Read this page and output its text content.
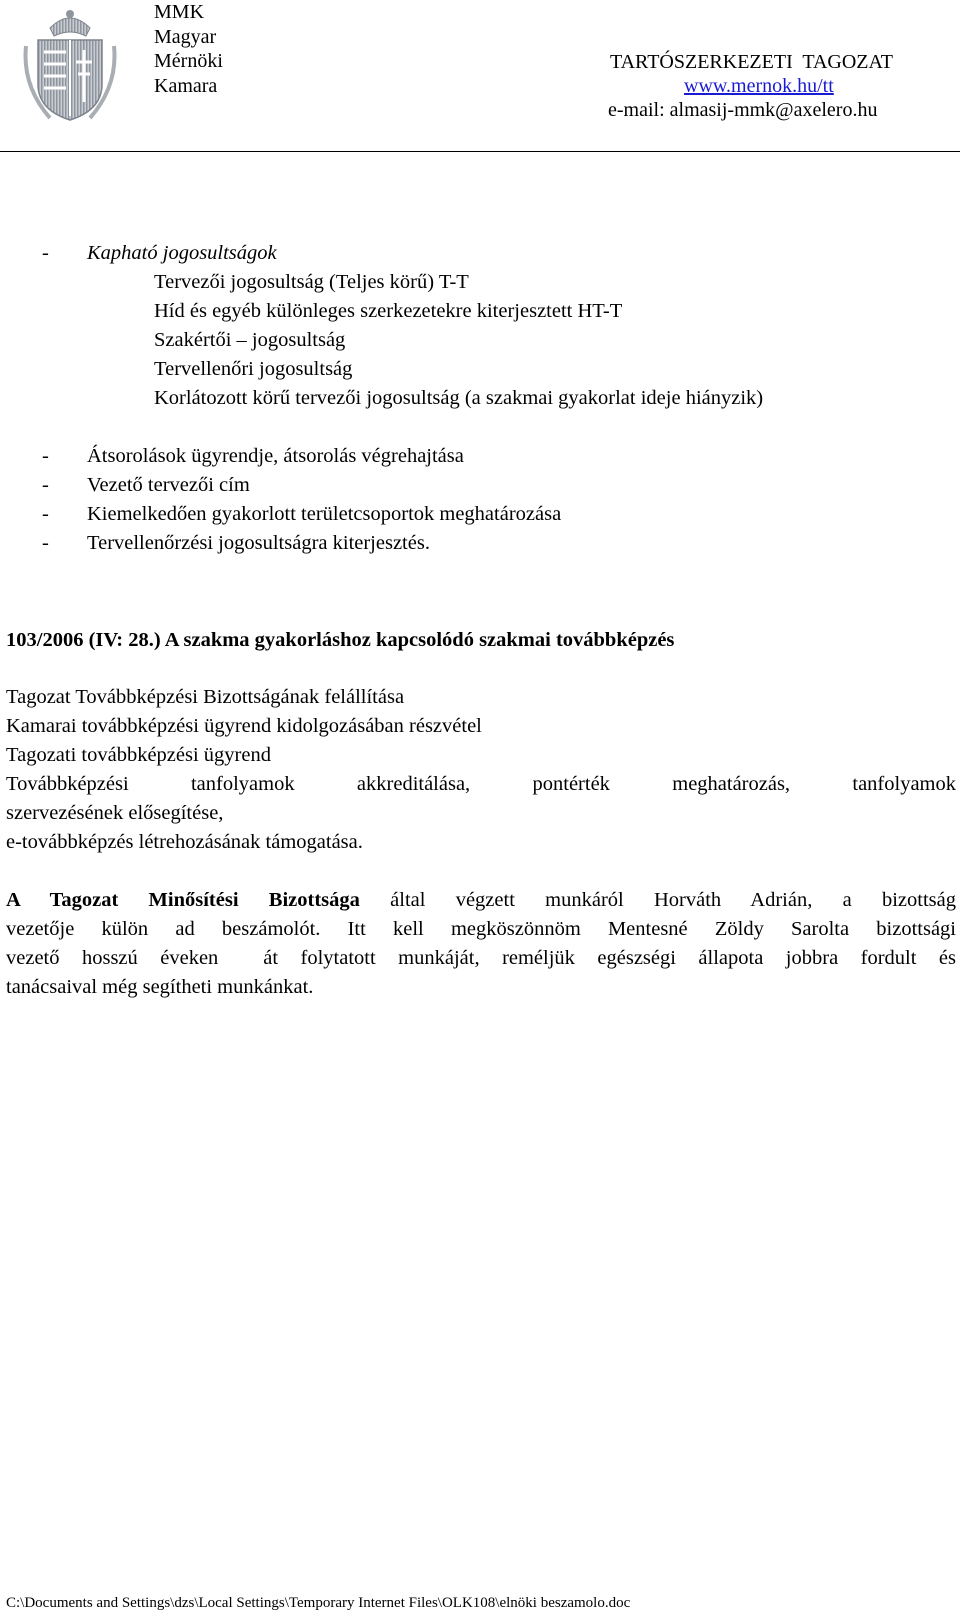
MMK
Magyar
Mérnöki
Kamara
TARTÓSZERKEZETI  TAGOZAT
www.mernok.hu/tt
e-mail: almasij-mmk@axelero.hu
- Kapható jogosultságok
Tervezői jogosultság (Teljes körű) T-T
Híd és egyéb különleges szerkezetekre kiterjesztett HT-T
Szakértői – jogosultság
Tervellenőri jogosultság
Korlátozott körű tervezői jogosultság (a szakmai gyakorlat ideje hiányzik)
- Átsorolások ügyrendje, átsorolás végrehajtása
- Vezető tervezői cím
- Kiemelkedően gyakorlott területcsoportok meghatározása
- Tervellenőrzési jogosultságra kiterjesztés.
103/2006 (IV: 28.) A szakma gyakorláshoz kapcsolódó szakmai továbbképzés
Tagozat Továbbképzési Bizottságának felállítása
Kamarai továbbképzési ügyrend kidolgozásában részvétel
Tagozati továbbképzési ügyrend
Továbbképzési tanfolyamok akkreditálása, pontérték meghatározás, tanfolyamok
szervezésének elősegítése,
e-továbbképzés létrehozásának támogatása.
A Tagozat Minősítési Bizottsága által végzett munkáról Horváth Adrián, a bizottság
vezetője külön ad beszámolót. Itt kell megköszönnöm Mentesné Zöldy Sarolta bizottsági
vezető hosszú éveken  át folytatott munkáját, reméljük egészségi állapota jobbra fordult és
tanácsaival még segítheti munkánkat.
C:\Documents and Settings\dzs\Local Settings\Temporary Internet Files\OLK108\elnöki beszamolo.doc
